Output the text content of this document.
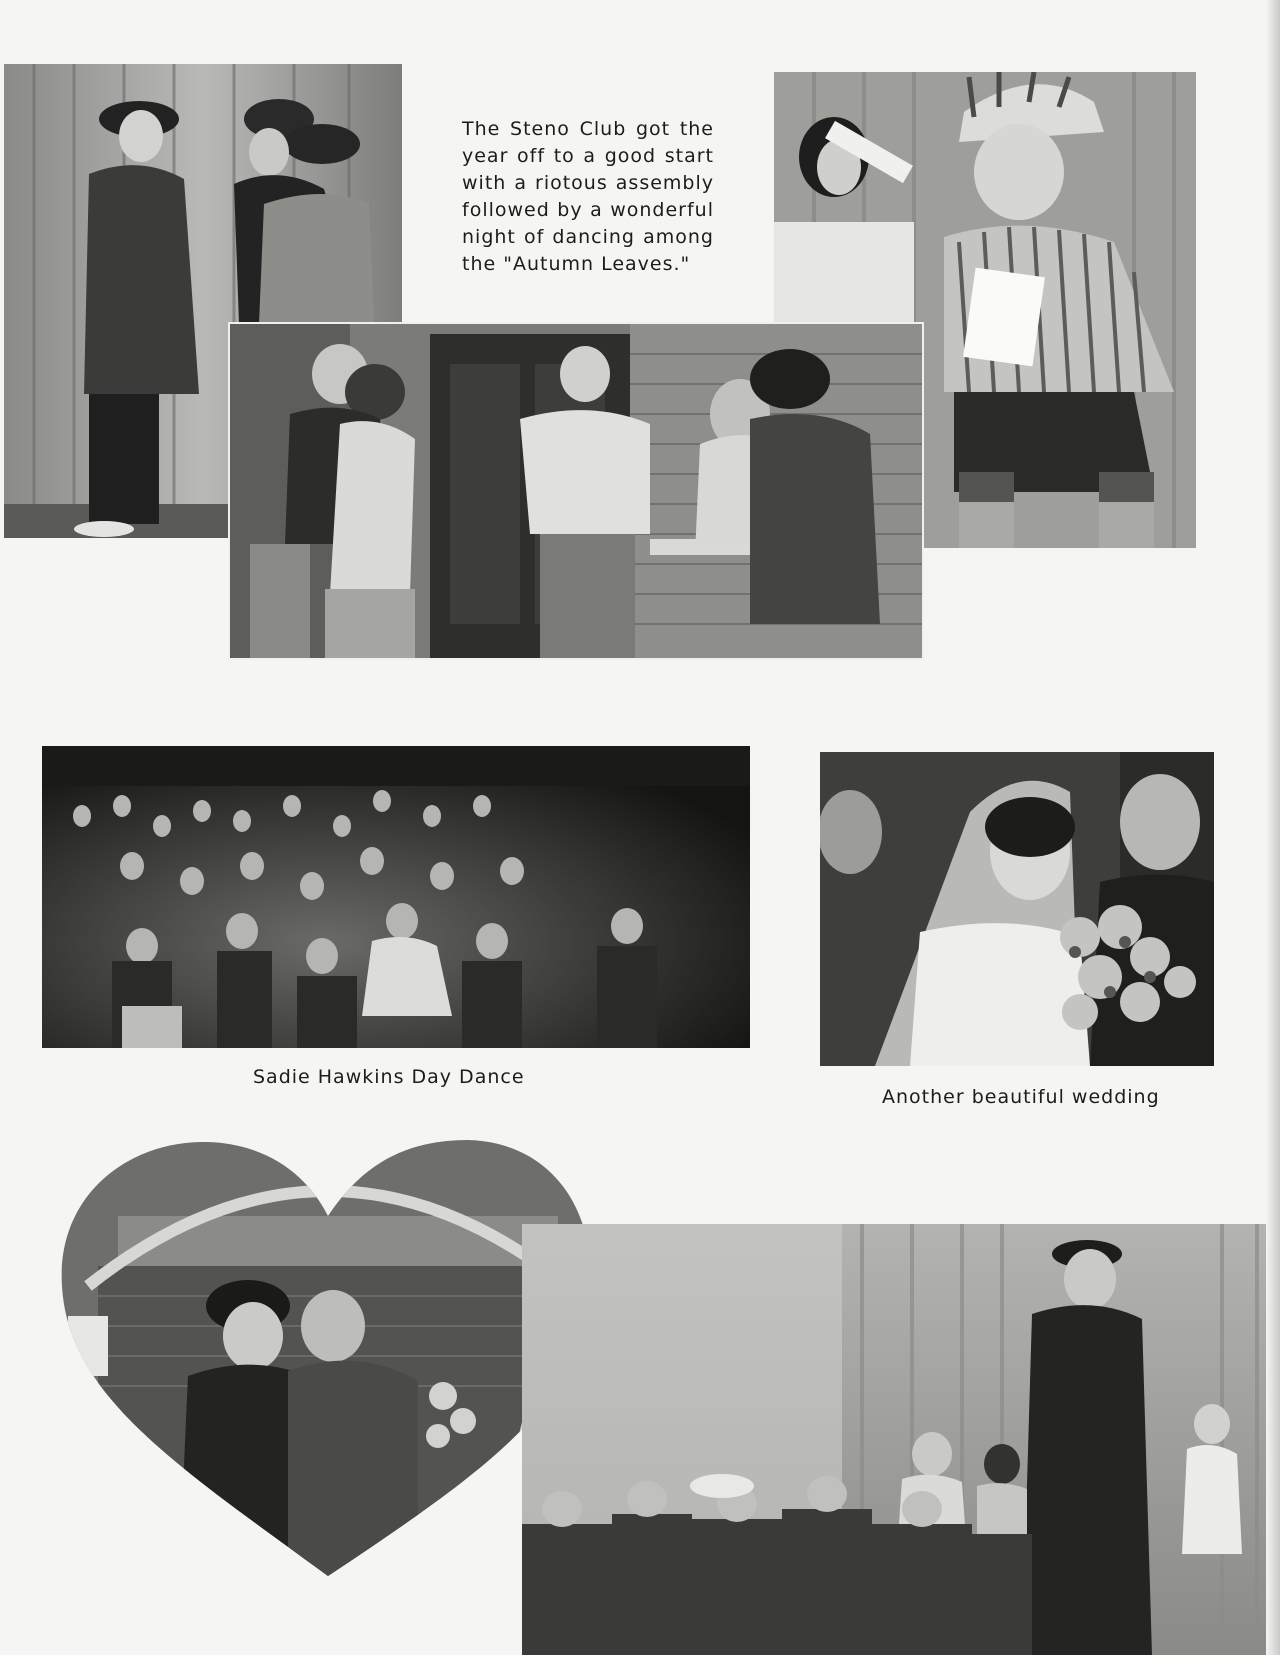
The Steno Club got the year off to a good start with a riotous assembly followed by a wonderful night of dancing among the "Autumn Leaves."
Sadie Hawkins Day Dance
Another beautiful wedding
